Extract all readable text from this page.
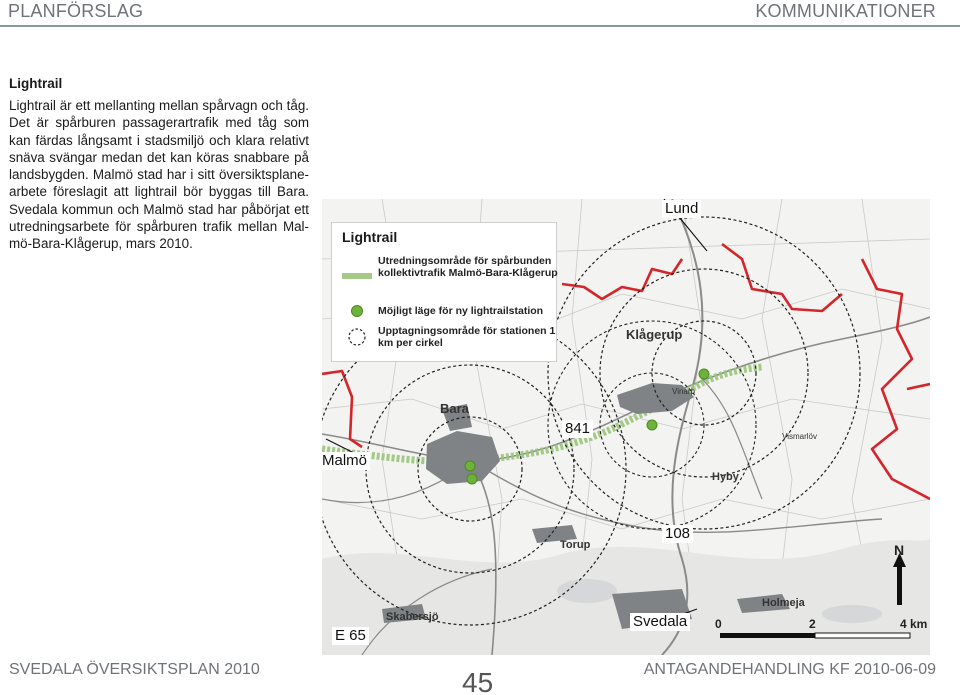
PLANFÖRSLAG	KOMMUNIKATIONER
Lightrail
Lightrail är ett mellanting mellan spårvagn och tåg. Det är spårburen passagerartrafik med tåg som kan färdas långsamt i stadsmiljö och klara relativt snäva svängar medan det kan köras snabbare på landsbygden. Malmö stad har i sitt översiktsplane-arbete föreslagit att lightrail bör byggas till Bara. Svedala kommun och Malmö stad har påbörjat ett utredningsarbete för spårburen trafik mellan Mal-mö-Bara-Klågerup, mars 2010.
Klågerup
Bara
Hyby
Torup
Holmeja
Skabersjö
Vinarp
Vismarlöv
Lund
841
Malmö
108
Svedala
E 65
N
0	2	4 km
Lightrail
Utredningsområde för spårbunden kollektivtrafik Malmö-Bara-Klågerup
Möjligt läge för ny lightrailstation
Upptagningsområde för stationen 1 km per cirkel
SVEDALA ÖVERSIKTSPLAN 2010	45	ANTAGANDEHANDLING KF 2010-06-09
